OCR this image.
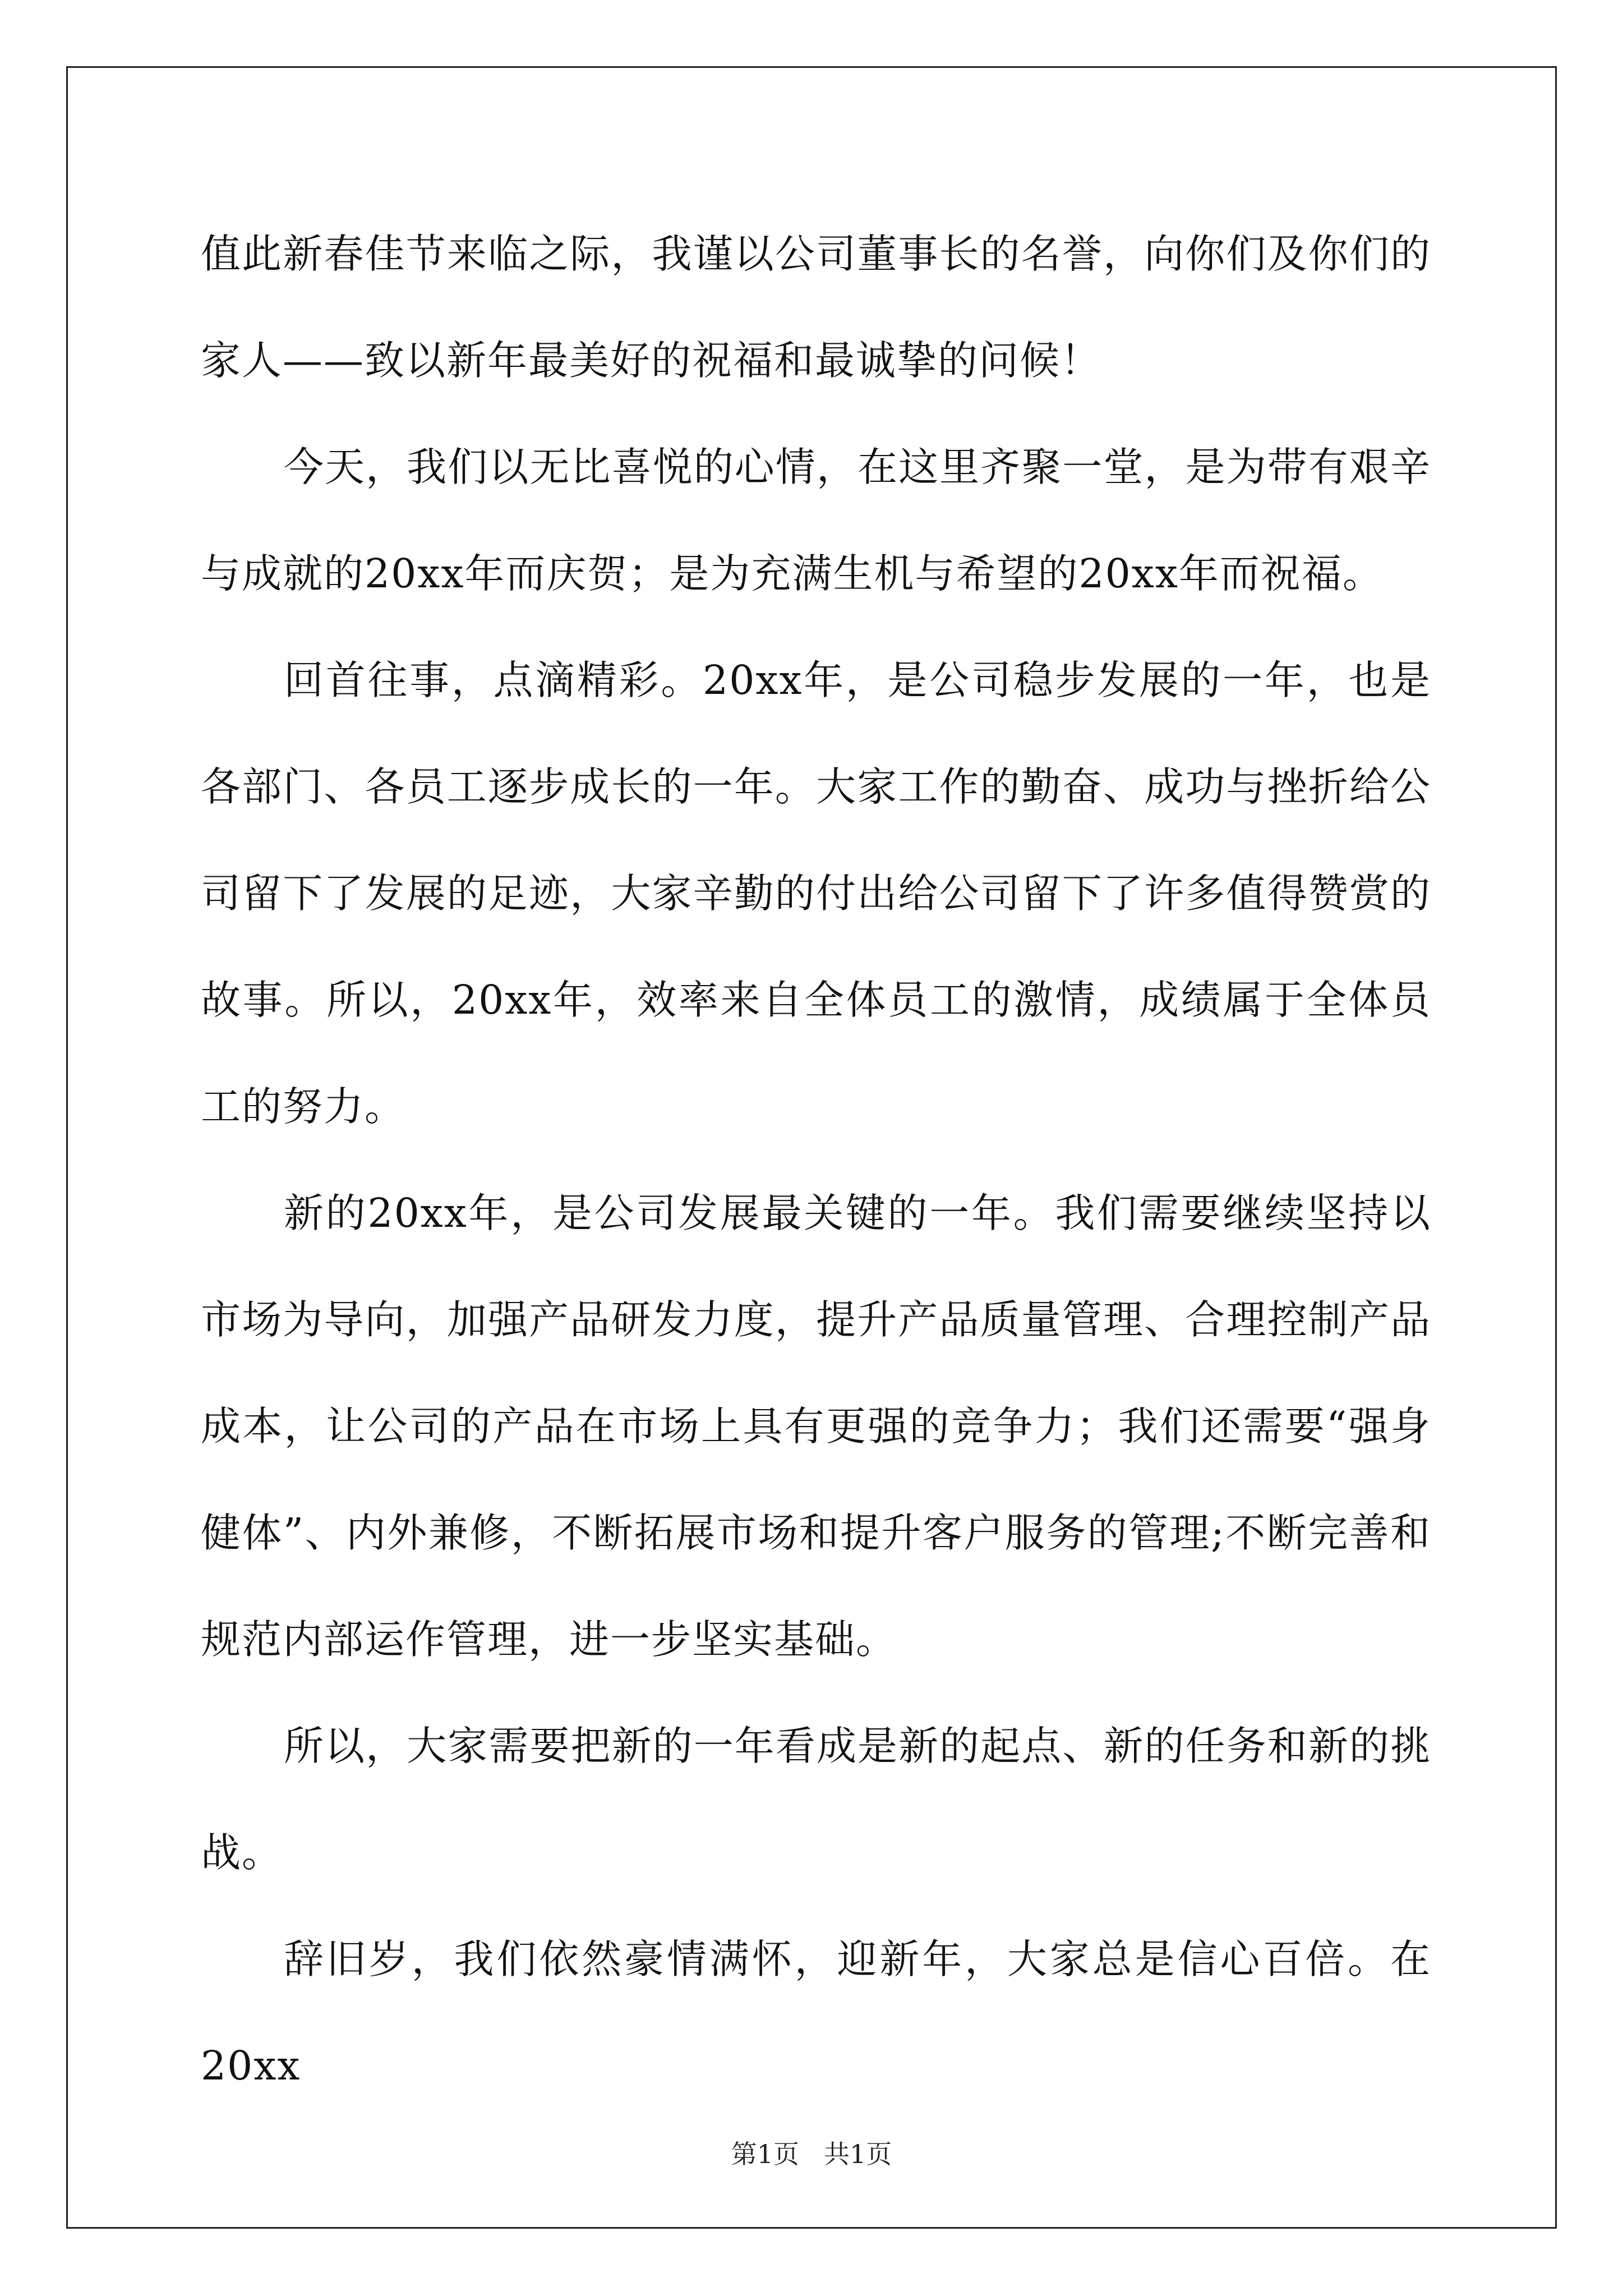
值此新春佳节来临之际，我谨以公司董事长的名誉，向你们及你们的家人——致以新年最美好的祝福和最诚挚的问候！

今天，我们以无比喜悦的心情，在这里齐聚一堂，是为带有艰辛与成就的20xx年而庆贺；是为充满生机与希望的20xx年而祝福。

回首往事，点滴精彩。20xx年，是公司稳步发展的一年，也是各部门、各员工逐步成长的一年。大家工作的勤奋、成功与挫折给公司留下了发展的足迹，大家辛勤的付出给公司留下了许多值得赞赏的故事。所以，20xx年，效率来自全体员工的激情，成绩属于全体员工的努力。

新的20xx年，是公司发展最关键的一年。我们需要继续坚持以市场为导向，加强产品研发力度，提升产品质量管理、合理控制产品成本，让公司的产品在市场上具有更强的竞争力；我们还需要“强身健体”、内外兼修，不断拓展市场和提升客户服务的管理;不断完善和规范内部运作管理，进一步坚实基础。

所以，大家需要把新的一年看成是新的起点、新的任务和新的挑战。

辞旧岁，我们依然豪情满怀，迎新年，大家总是信心百倍。在20xx

第1页 共1页
